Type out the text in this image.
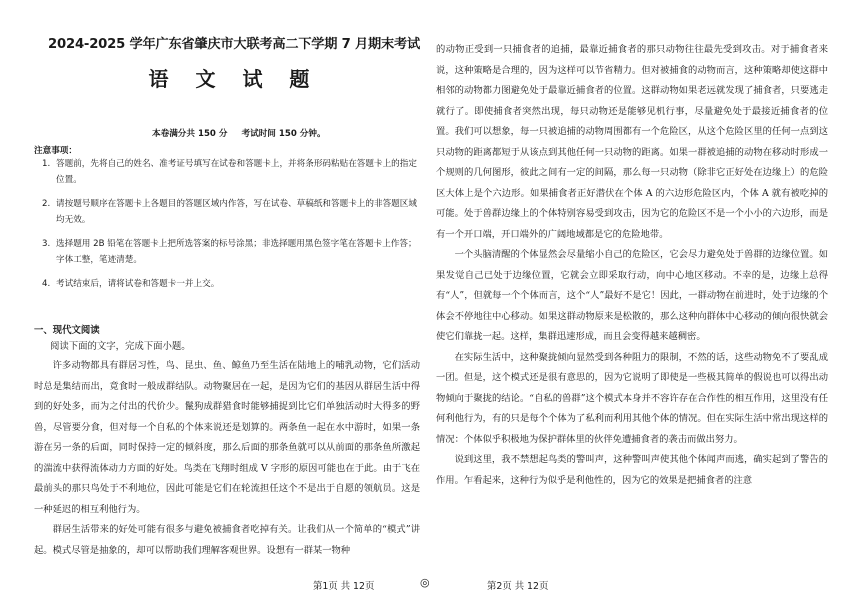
2024-2025 学年广东省肇庆市大联考高二下学期 7 月期末考试
语 文 试 题
本卷满分共 150 分 考试时间 150 分钟。
注意事项：
1. 答题前，先将自己的姓名、准考证号填写在试卷和答题卡上，并将条形码粘贴在答题卡上的指定位置。
2. 请按题号顺序在答题卡上各题目的答题区域内作答，写在试卷、草稿纸和答题卡上的非答题区域均无效。
3. 选择题用 2B 铅笔在答题卡上把所选答案的标号涂黑；非选择题用黑色签字笔在答题卡上作答；字体工整，笔迹清楚。
4. 考试结束后，请将试卷和答题卡一并上交。
一、现代文阅读
阅读下面的文字，完成下面小题。

许多动物都具有群居习性，鸟、昆虫、鱼、鲸鱼乃至生活在陆地上的哺乳动物，它们活动时总是集结而出，竟食时一般成群结队。动物聚居在一起，是因为它们的基因从群居生活中得到的好处多，而为之付出的代价少。鬣狗成群猎食时能够捕捉到比它们单独活动时大得多的野兽，尽管要分食，但对每一个自私的个体来说还是划算的。两条鱼一起在水中游时，如果一条游在另一条的后面，同时保持一定的倾斜度，那么后面的那条鱼就可以从前面的那条鱼所激起的湍流中获得流体动力方面的好处。鸟类在飞翔时组成 V 字形的原因可能也在于此。由于飞在最前头的那只鸟处于不利地位，因此可能是它们在轮流担任这个不是出于自愿的领航员。这是一种延迟的相互利他行为。

群居生活带来的好处可能有很多与避免被捕食者吃掉有关。让我们从一个简单的“模式”讲起。模式尽管是抽象的，却可以帮助我们理解客观世界。设想有一群某一物种

的动物正受到一只捕食者的追捕，最靠近捕食者的那只动物往往最先受到攻击。对于捕食者来说，这种策略是合理的，因为这样可以节省精力。但对被捕食的动物而言，这种策略却使这群中相邻的动物都力图避免处于最靠近捕食者的位置。这群动物如果老远就发现了捕食者，只要逃走就行了。即使捕食者突然出现，每只动物还是能够见机行事，尽量避免处于最接近捕食者的位置。我们可以想象，每一只被追捕的动物周围都有一个危险区，从这个危险区里的任何一点到这只动物的距离都短于从该点到其他任何一只动物的距离。如果一群被追捕的动物在移动时形成一个规则的几何图形，彼此之间有一定的间隔，那么每一只动物（除非它正好处在边缘上）的危险区大体上是个六边形。如果捕食者正好潜伏在个体 A 的六边形危险区内，个体 A 就有被吃掉的可能。处于兽群边缘上的个体特别容易受到攻击，因为它的危险区不是一个小小的六边形，而是有一个开口端，开口端外的广阔地域都是它的危险地带。

一个头脑清醒的个体显然会尽量缩小自己的危险区，它会尽力避免处于兽群的边缘位置。如果发觉自己已处于边缘位置，它就会立即采取行动，向中心地区移动。不幸的是，边缘上总得有“人”，但就每一个个体而言，这个“人”最好不是它！因此，一群动物在前进时，处于边缘的个体会不停地往中心移动。如果这群动物原来是松散的，那么这种向群体中心移动的倾向很快就会使它们靠拢一起。这样，集群迅速形成，而且会变得越来越稠密。

在实际生活中，这种聚拢倾向显然受到各种阻力的限制，不然的话，这些动物免不了要乱成一团。但是，这个模式还是很有意思的，因为它说明了即使是一些极其简单的假说也可以得出动物倾向于聚拢的结论。“自私的兽群”这个模式本身并不容许存在合作性的相互作用，这里没有任何利他行为，有的只是每个个体为了私利而利用其他个体的情况。但在实际生活中常出现这样的情况：个体似乎积极地为保护群体里的伙伴免遭捕食者的袭击而做出努力。

说到这里，我不禁想起鸟类的警叫声，这种警叫声使其他个体闻声而逃，确实起到了警告的作用。乍看起来，这种行为似乎是利他性的，因为它的效果是把捕食者的注意

第1页 共 12页	◎	第2页 共 12页
